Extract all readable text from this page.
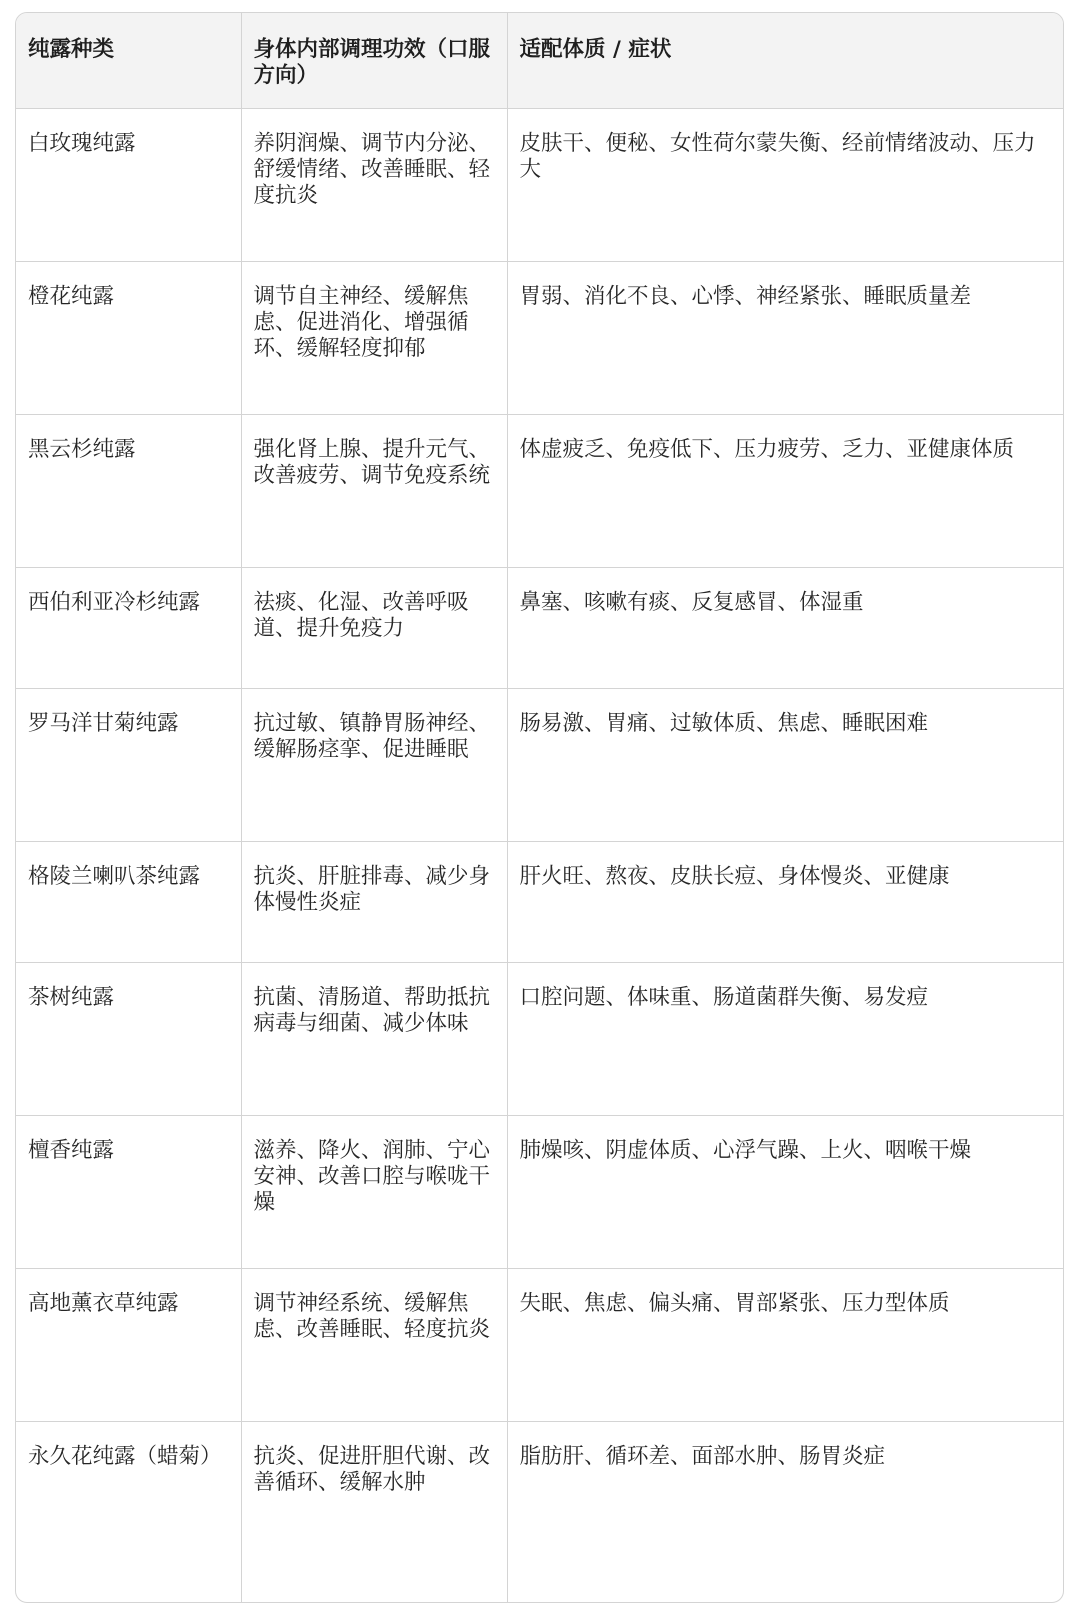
纯露种类	身体内部调理功效（口服方向）	适配体质 / 症状
白玫瑰纯露	养阴润燥、调节内分泌、舒缓情绪、改善睡眠、轻度抗炎	皮肤干、便秘、女性荷尔蒙失衡、经前情绪波动、压力大
橙花纯露	调节自主神经、缓解焦虑、促进消化、增强循环、缓解轻度抑郁	胃弱、消化不良、心悸、神经紧张、睡眠质量差
黑云杉纯露	强化肾上腺、提升元气、改善疲劳、调节免疫系统	体虚疲乏、免疫低下、压力疲劳、乏力、亚健康体质
西伯利亚冷杉纯露	祛痰、化湿、改善呼吸道、提升免疫力	鼻塞、咳嗽有痰、反复感冒、体湿重
罗马洋甘菊纯露	抗过敏、镇静胃肠神经、缓解肠痉挛、促进睡眠	肠易激、胃痛、过敏体质、焦虑、睡眠困难
格陵兰喇叭茶纯露	抗炎、肝脏排毒、减少身体慢性炎症	肝火旺、熬夜、皮肤长痘、身体慢炎、亚健康
茶树纯露	抗菌、清肠道、帮助抵抗病毒与细菌、减少体味	口腔问题、体味重、肠道菌群失衡、易发痘
檀香纯露	滋养、降火、润肺、宁心安神、改善口腔与喉咙干燥	肺燥咳、阴虚体质、心浮气躁、上火、咽喉干燥
高地薰衣草纯露	调节神经系统、缓解焦虑、改善睡眠、轻度抗炎	失眠、焦虑、偏头痛、胃部紧张、压力型体质
永久花纯露（蜡菊）	抗炎、促进肝胆代谢、改善循环、缓解水肿	脂肪肝、循环差、面部水肿、肠胃炎症
